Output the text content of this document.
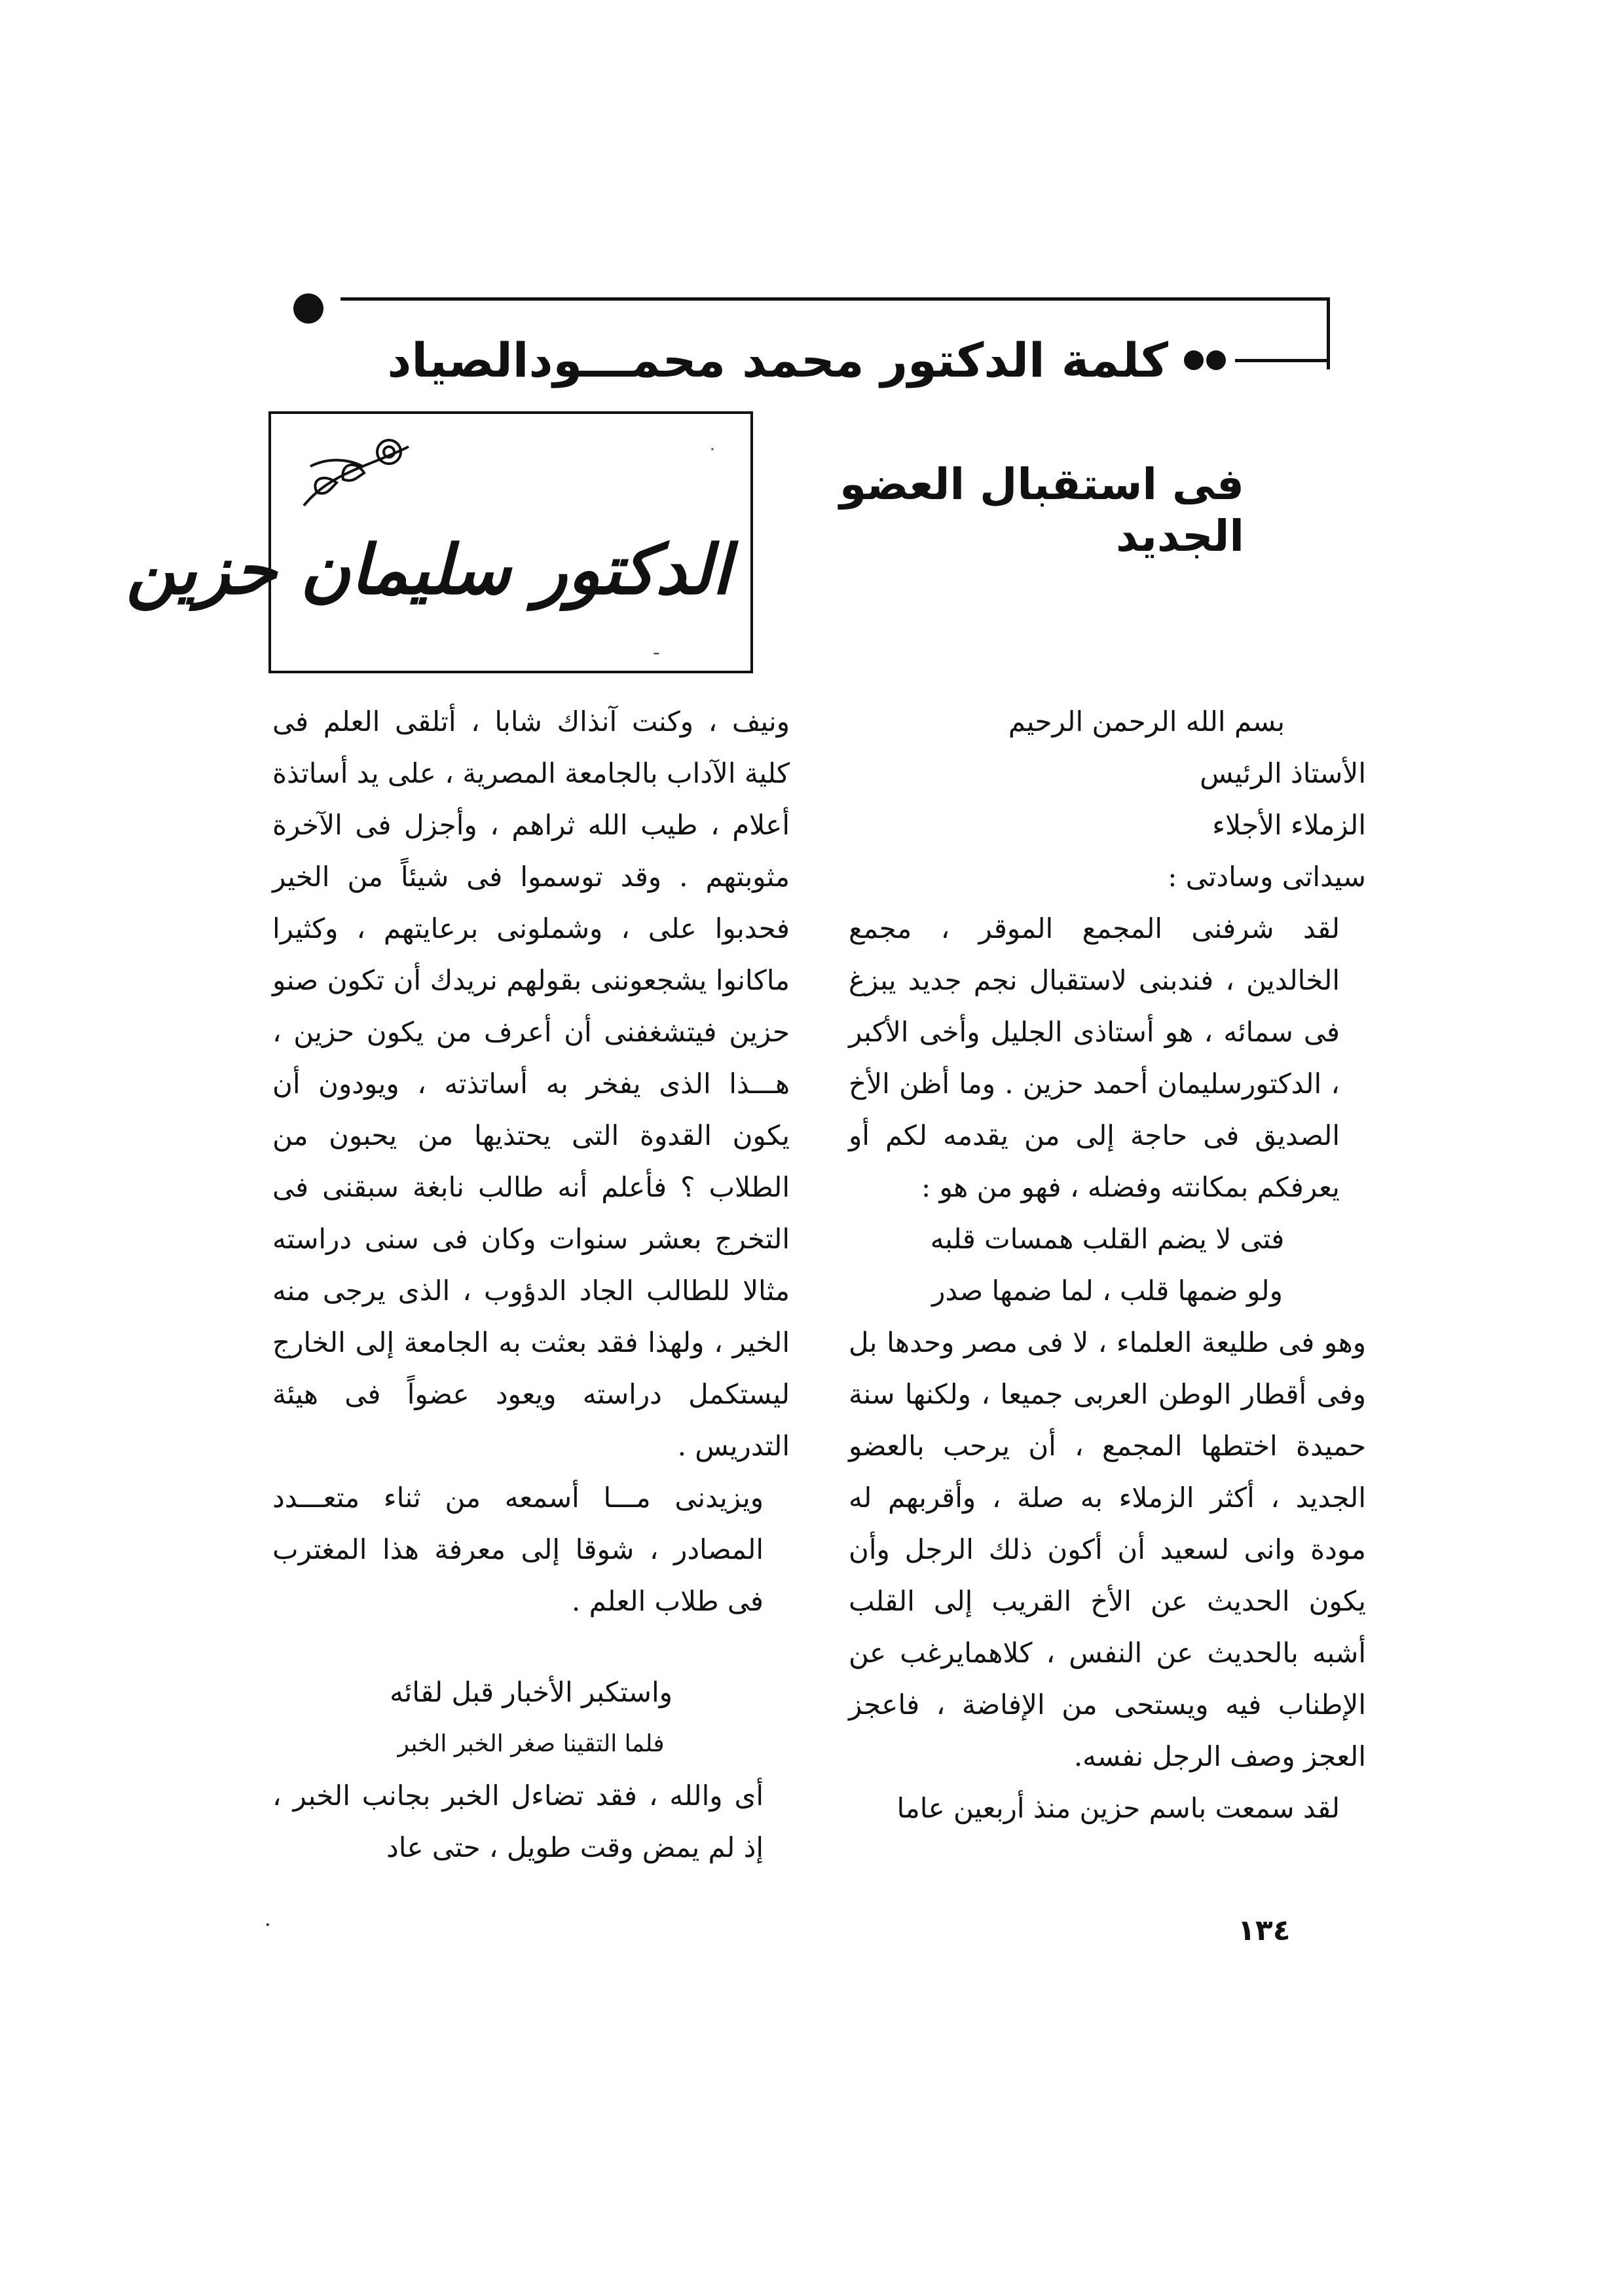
كلمة الدكتور محمد محمـــودالصياد
فى استقبال العضو الجديد
·
ـ
الدكتور سليمان حزين

بسم الله الرحمن الرحيم

الأستاذ الرئيس

الزملاء الأجلاء

سيداتى وسادتى :

لقد شرفنى المجمع الموقر ، مجمع الخالدين ، فندبنى لاستقبال نجم جديد يبزغ فى سمائه ، هو أستاذى الجليل وأخى الأكبر ، الدكتورسليمان أحمد حزين . وما أظن الأخ الصديق فى حاجة إلى من يقدمه لكم أو يعرفكم بمكانته وفضله ، فهو من هو :

فتى لا يضم القلب همسات قلبه

ولو ضمها قلب ، لما ضمها صدر

وهو فى طليعة العلماء ، لا فى مصر وحدها بل وفى أقطار الوطن العربى جميعا ، ولكنها سنة حميدة اختطها المجمع ، أن يرحب بالعضو الجديد ، أكثر الزملاء به صلة ، وأقربهم له مودة وانى لسعيد أن أكون ذلك الرجل وأن يكون الحديث عن الأخ القريب إلى القلب أشبه بالحديث عن النفس ، كلاهمايرغب عن الإطناب فيه ويستحى من الإفاضة ، فاعجز العجز وصف الرجل نفسه.

لقد سمعت باسم حزين منذ أربعين عاما

ونيف ، وكنت آنذاك شابا ، أتلقى العلم فى كلية الآداب بالجامعة المصرية ، على يد أساتذة أعلام ، طيب الله ثراهم ، وأجزل فى الآخرة مثوبتهم . وقد توسموا فى شيئاً من الخير فحدبوا على ، وشملونى برعايتهم ، وكثيرا ماكانوا يشجعوننى بقولهم نريدك أن تكون صنو حزين فيتشغفنى أن أعرف من يكون حزين ، هـــذا الذى يفخر به أساتذته ، ويودون أن يكون القدوة التى يحتذيها من يحبون من الطلاب ؟ فأعلم أنه طالب نابغة سبقنى فى التخرج بعشر سنوات وكان فى سنى دراسته مثالا للطالب الجاد الدؤوب ، الذى يرجى منه الخير ، ولهذا فقد بعثت به الجامعة إلى الخارج ليستكمل دراسته ويعود عضواً فى هيئة التدريس .

ويزيدنى مـــا أسمعه من ثناء متعـــدد المصادر ، شوقا إلى معرفة هذا المغترب فى طلاب العلم .

واستكبر الأخبار قبل لقائه

فلما التقينا صغر الخبر الخبر

أى والله ، فقد تضاءل الخبر بجانب الخبر ، إذ لم يمض وقت طويل ، حتى عاد

١٣٤
·
